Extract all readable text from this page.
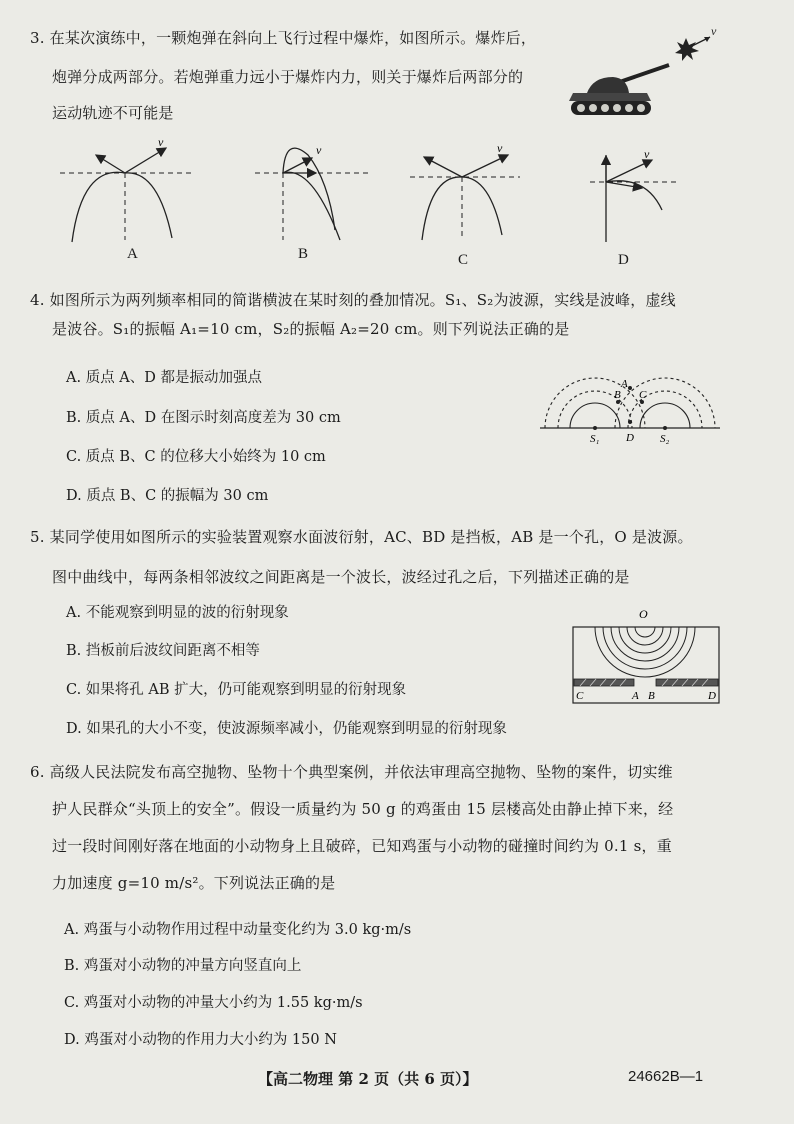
3. 在某次演练中，一颗炮弹在斜向上飞行过程中爆炸，如图所示。爆炸后，
炮弹分成两部分。若炮弹重力远小于爆炸内力，则关于爆炸后两部分的
运动轨迹不可能是
v
v
v	v	v
A	B	C	D
4. 如图所示为两列频率相同的简谐横波在某时刻的叠加情况。S₁、S₂为波源，实线是波峰，虚线
是波谷。S₁的振幅 A₁=10 cm，S₂的振幅 A₂=20 cm。则下列说法正确的是
A. 质点 A、D 都是振动加强点
B. 质点 A、D 在图示时刻高度差为 30 cm
C. 质点 B、C 的位移大小始终为 10 cm
D. 质点 B、C 的振幅为 30 cm
A
B C
D
S₁	S₂
5. 某同学使用如图所示的实验装置观察水面波衍射，AC、BD 是挡板，AB 是一个孔，O 是波源。
图中曲线中，每两条相邻波纹之间距离是一个波长，波经过孔之后，下列描述正确的是
A. 不能观察到明显的波的衍射现象
B. 挡板前后波纹间距离不相等
C. 如果将孔 AB 扩大，仍可能观察到明显的衍射现象
D. 如果孔的大小不变，使波源频率减小，仍能观察到明显的衍射现象
O
C	A B	D
6. 高级人民法院发布高空抛物、坠物十个典型案例，并依法审理高空抛物、坠物的案件，切实维
护人民群众“头顶上的安全”。假设一质量约为 50 g 的鸡蛋由 15 层楼高处由静止掉下来，经
过一段时间刚好落在地面的小动物身上且破碎，已知鸡蛋与小动物的碰撞时间约为 0.1 s，重
力加速度 g=10 m/s²。下列说法正确的是
A. 鸡蛋与小动物作用过程中动量变化约为 3.0 kg·m/s
B. 鸡蛋对小动物的冲量方向竖直向上
C. 鸡蛋对小动物的冲量大小约为 1.55 kg·m/s
D. 鸡蛋对小动物的作用力大小约为 150 N
【高二物理 第 2 页（共 6 页）】	24662B—1
